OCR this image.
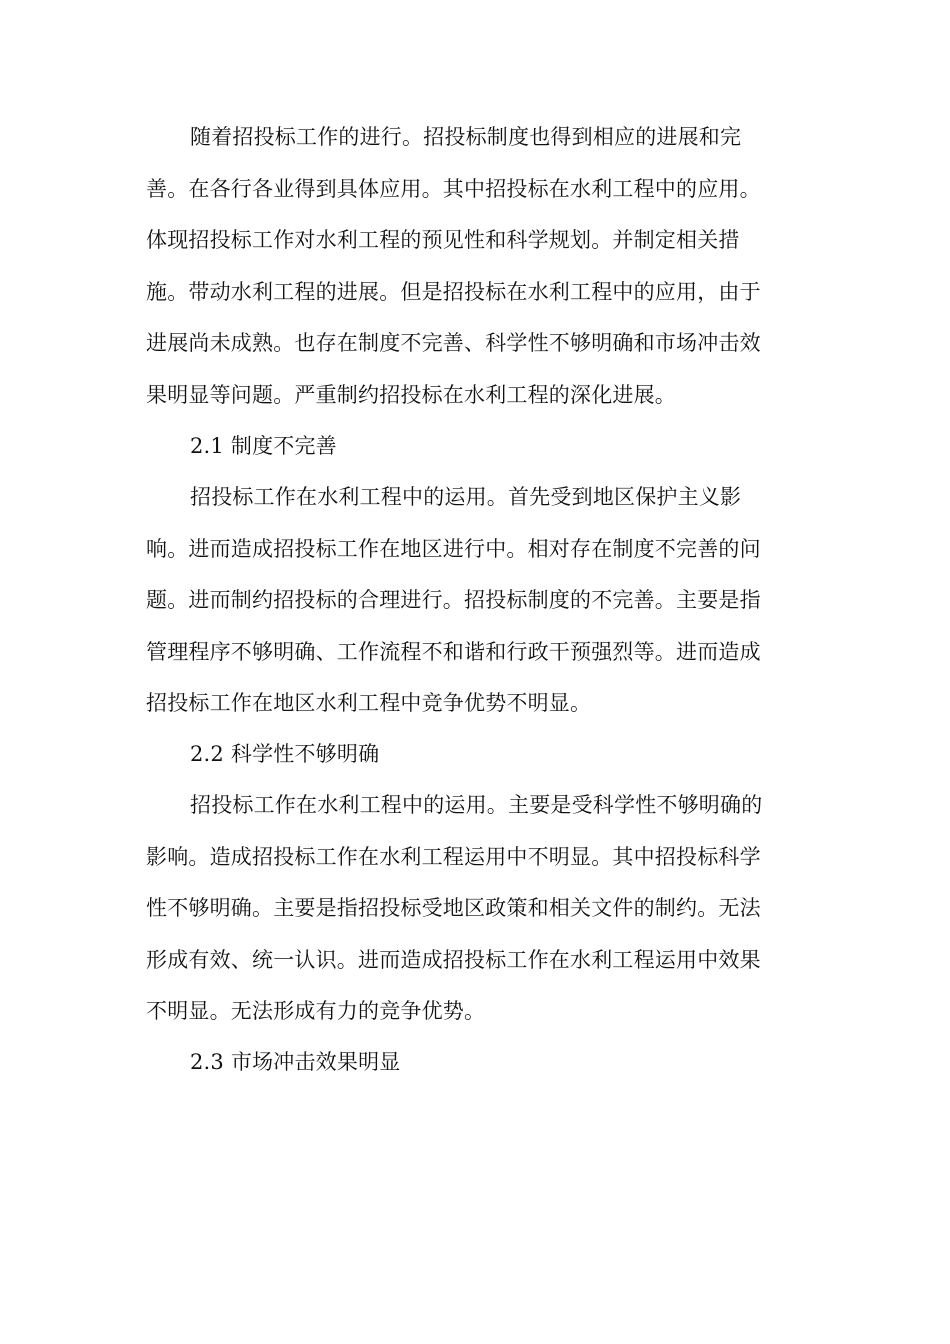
随着招投标工作的进行。招投标制度也得到相应的进展和完
善。在各行各业得到具体应用。其中招投标在水利工程中的应用。
体现招投标工作对水利工程的预见性和科学规划。并制定相关措
施。带动水利工程的进展。但是招投标在水利工程中的应用，由于
进展尚未成熟。也存在制度不完善、科学性不够明确和市场冲击效
果明显等问题。严重制约招投标在水利工程的深化进展。

2.1 制度不完善

招投标工作在水利工程中的运用。首先受到地区保护主义影
响。进而造成招投标工作在地区进行中。相对存在制度不完善的问
题。进而制约招投标的合理进行。招投标制度的不完善。主要是指
管理程序不够明确、工作流程不和谐和行政干预强烈等。进而造成
招投标工作在地区水利工程中竞争优势不明显。

2.2 科学性不够明确

招投标工作在水利工程中的运用。主要是受科学性不够明确的
影响。造成招投标工作在水利工程运用中不明显。其中招投标科学
性不够明确。主要是指招投标受地区政策和相关文件的制约。无法
形成有效、统一认识。进而造成招投标工作在水利工程运用中效果
不明显。无法形成有力的竞争优势。

2.3 市场冲击效果明显
